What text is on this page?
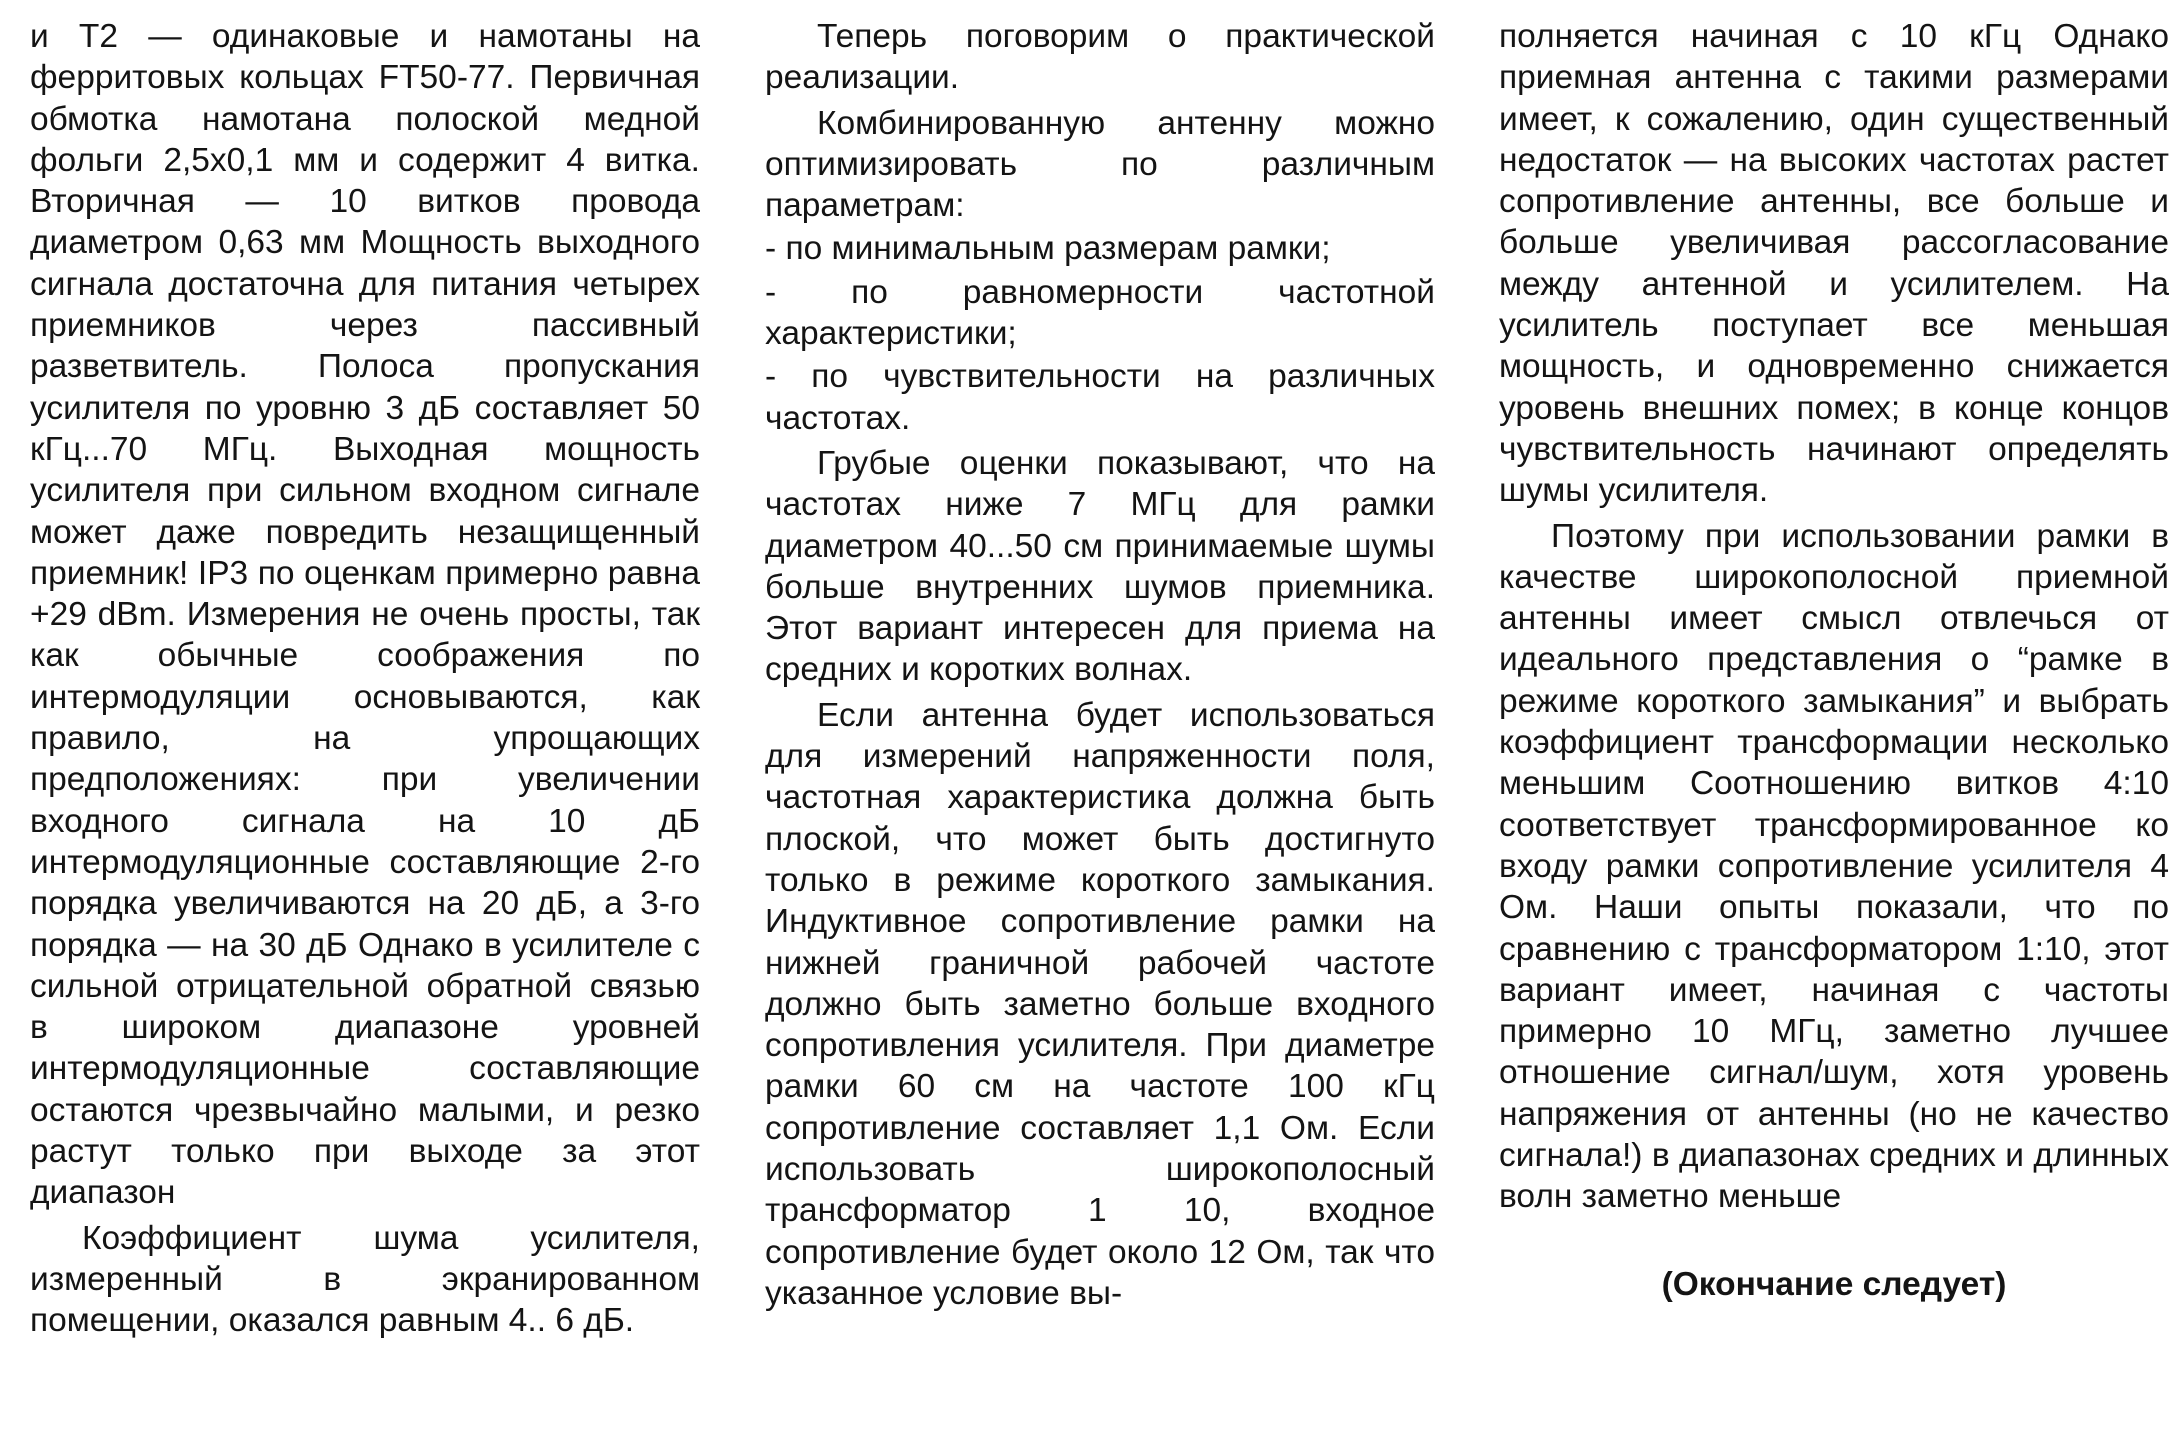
и Т2 — одинаковые и намотаны на ферритовых кольцах FT50-77. Первичная обмотка намотана полоской медной фольги 2,5х0,1 мм и содержит 4 витка. Вторичная — 10 витков провода диаметром 0,63 мм Мощность выходного сигнала достаточна для питания четырех приемников через пассивный разветвитель. Полоса пропускания усилителя по уровню 3 дБ составляет 50 кГц...70 МГц. Выходная мощность усилителя при сильном входном сигнале может даже повредить незащищенный приемник! IP3 по оценкам примерно равна +29 dBm. Измерения не очень просты, так как обычные соображения по интермодуляции основываются, как правило, на упрощающих предположениях: при увеличении входного сигнала на 10 дБ интермодуляционные составляющие 2-го порядка увеличиваются на 20 дБ, а 3-го порядка — на 30 дБ Однако в усилителе с сильной отрицательной обратной связью в широком диапазоне уровней интермодуляционные составляющие остаются чрезвычайно малыми, и резко растут только при выходе за этот диапазон

Коэффициент шума усилителя, измеренный в экранированном помещении, оказался равным 4.. 6 дБ.

Теперь поговорим о практической реализации.

Комбинированную антенну можно оптимизировать по различным параметрам:

- по минимальным размерам рамки;

- по равномерности частотной характеристики;

- по чувствительности на различных частотах.

Грубые оценки показывают, что на частотах ниже 7 МГц для рамки диаметром 40...50 см принимаемые шумы больше внутренних шумов приемника. Этот вариант интересен для приема на средних и коротких волнах.

Если антенна будет использоваться для измерений напряженности поля, частотная характеристика должна быть плоской, что может быть достигнуто только в режиме короткого замыкания. Индуктивное сопротивление рамки на нижней граничной рабочей частоте должно быть заметно больше входного сопротивления усилителя. При диаметре рамки 60 см на частоте 100 кГц сопротивление составляет 1,1 Ом. Если использовать широкополосный трансформатор 1 10, входное сопротивление будет около 12 Ом, так что указанное условие вы-

полняется начиная с 10 кГц Однако приемная антенна с такими размерами имеет, к сожалению, один существенный недостаток — на высоких частотах растет сопротивление антенны, все больше и больше увеличивая рассогласование между антенной и усилителем. На усилитель поступает все меньшая мощность, и одновременно снижается уровень внешних помех; в конце концов чувствительность начинают определять шумы усилителя.

Поэтому при использовании рамки в качестве широкополосной приемной антенны имеет смысл отвлечься от идеального представления о “рамке в режиме короткого замыкания” и выбрать коэффициент трансформации несколько меньшим Соотношению витков 4:10 соответствует трансформированное ко входу рамки сопротивление усилителя 4 Ом. Наши опыты показали, что по сравнению с трансформатором 1:10, этот вариант имеет, начиная с частоты примерно 10 МГц, заметно лучшее отношение сигнал/шум, хотя уровень напряжения от антенны (но не качество сигнала!) в диапазонах средних и длинных волн заметно меньше

(Окончание следует)
